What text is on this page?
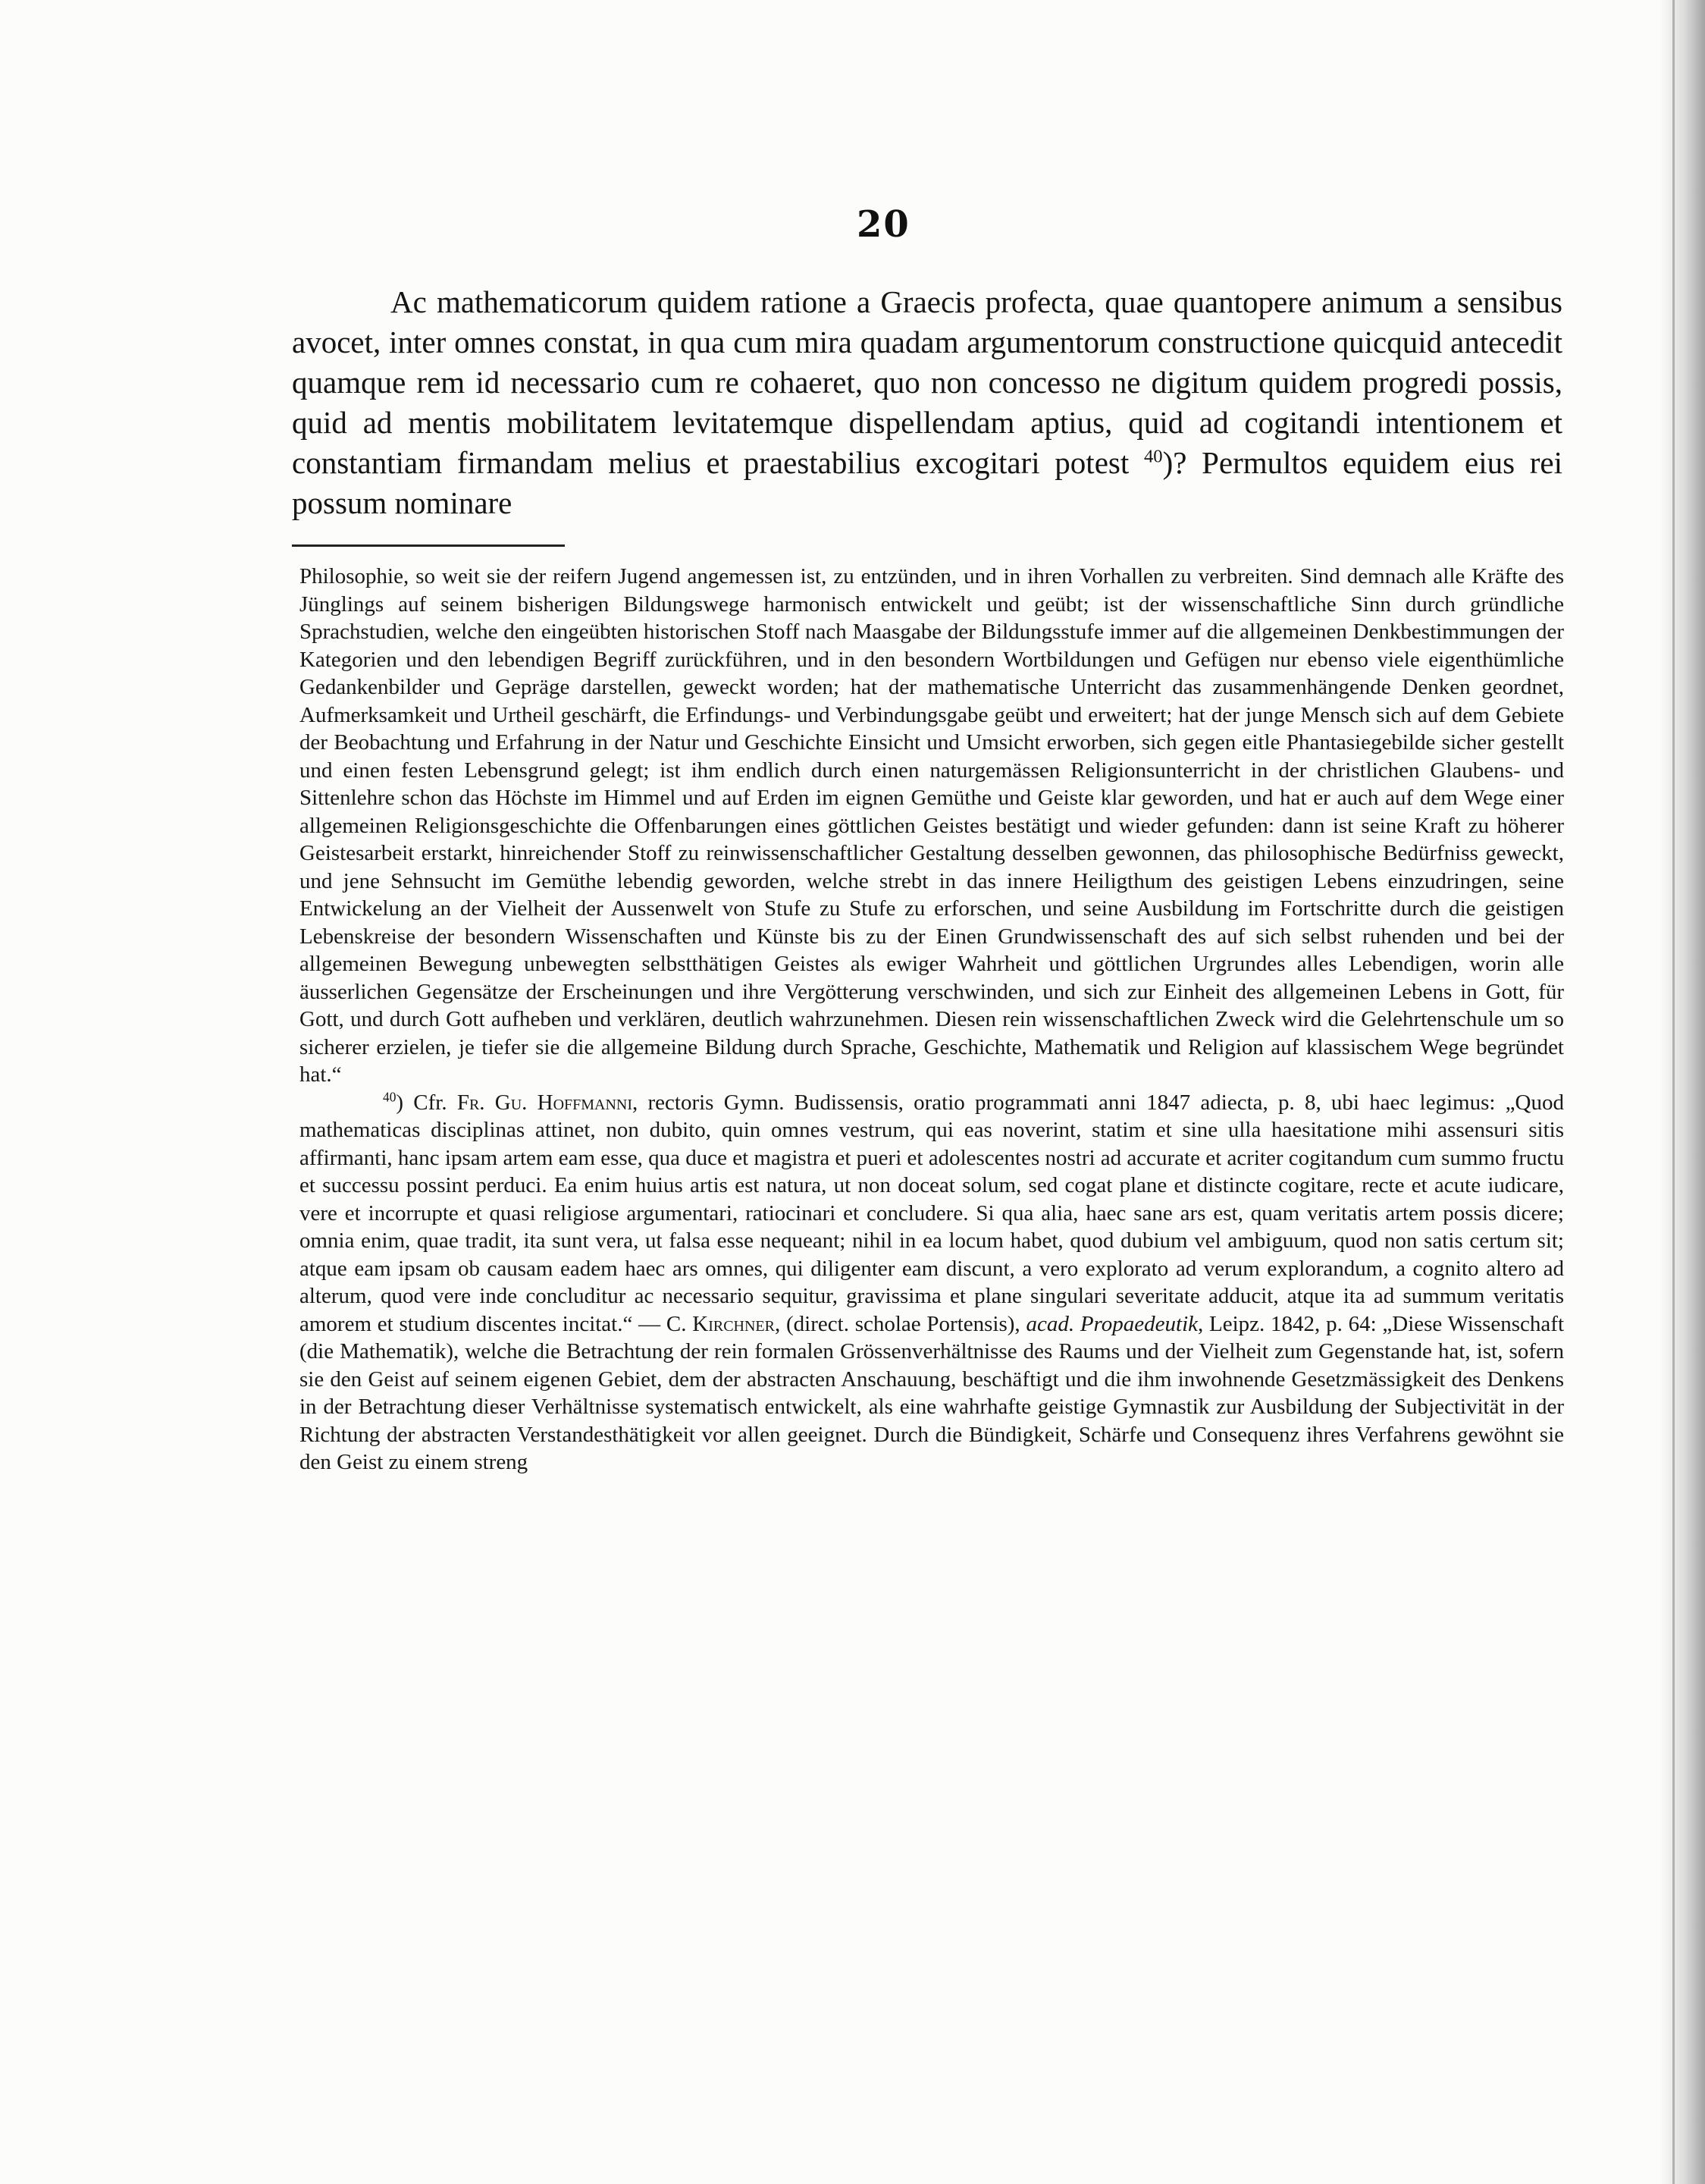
20

Ac mathematicorum quidem ratione a Graecis profecta, quae quantopere animum a sensibus avocet, inter omnes constat, in qua cum mira quadam argumentorum constructione quicquid antecedit quamque rem id necessario cum re cohaeret, quo non concesso ne digitum quidem progredi possis, quid ad mentis mobilitatem levitatemque dispellendam aptius, quid ad cogitandi intentionem et constantiam firmandam melius et praestabilius excogitari potest $^{40}$)? Permultos equidem eius rei possum nominare

Philosophie, so weit sie der reifern Jugend angemessen ist, zu entzünden, und in ihren Vorhallen zu verbreiten. Sind demnach alle Kräfte des Jünglings auf seinem bisherigen Bildungswege harmonisch entwickelt und geübt; ist der wissenschaftliche Sinn durch gründliche Sprachstudien, welche den eingeübten historischen Stoff nach Maasgabe der Bildungsstufe immer auf die allgemeinen Denkbestimmungen der Kategorien und den lebendigen Begriff zurückführen, und in den besondern Wortbildungen und Gefügen nur ebenso viele eigenthümliche Gedankenbilder und Gepräge darstellen, geweckt worden; hat der mathematische Unterricht das zusammenhängende Denken geordnet, Aufmerksamkeit und Urtheil geschärft, die Erfindungs- und Verbindungsgabe geübt und erweitert; hat der junge Mensch sich auf dem Gebiete der Beobachtung und Erfahrung in der Natur und Geschichte Einsicht und Umsicht erworben, sich gegen eitle Phantasiegebilde sicher gestellt und einen festen Lebensgrund gelegt; ist ihm endlich durch einen naturgemässen Religionsunterricht in der christlichen Glaubens- und Sittenlehre schon das Höchste im Himmel und auf Erden im eignen Gemüthe und Geiste klar geworden, und hat er auch auf dem Wege einer allgemeinen Religionsgeschichte die Offenbarungen eines göttlichen Geistes bestätigt und wieder gefunden: dann ist seine Kraft zu höherer Geistesarbeit erstarkt, hinreichender Stoff zu reinwissenschaftlicher Gestaltung desselben gewonnen, das philosophische Bedürfniss geweckt, und jene Sehnsucht im Gemüthe lebendig geworden, welche strebt in das innere Heiligthum des geistigen Lebens einzudringen, seine Entwickelung an der Vielheit der Aussenwelt von Stufe zu Stufe zu erforschen, und seine Ausbildung im Fortschritte durch die geistigen Lebenskreise der besondern Wissenschaften und Künste bis zu der Einen Grundwissenschaft des auf sich selbst ruhenden und bei der allgemeinen Bewegung unbewegten selbstthätigen Geistes als ewiger Wahrheit und göttlichen Urgrundes alles Lebendigen, worin alle äusserlichen Gegensätze der Erscheinungen und ihre Vergötterung verschwinden, und sich zur Einheit des allgemeinen Lebens in Gott, für Gott, und durch Gott aufheben und verklären, deutlich wahrzunehmen. Diesen rein wissenschaftlichen Zweck wird die Gelehrtenschule um so sicherer erzielen, je tiefer sie die allgemeine Bildung durch Sprache, Geschichte, Mathematik und Religion auf klassischem Wege begründet hat.“

$^{40}$) Cfr. Fr. Gu. Hoffmanni, rectoris Gymn. Budissensis, oratio programmati anni 1847 adiecta, p. 8, ubi haec legimus: „Quod mathematicas disciplinas attinet, non dubito, quin omnes vestrum, qui eas noverint, statim et sine ulla haesitatione mihi assensuri sitis affirmanti, hanc ipsam artem eam esse, qua duce et magistra et pueri et adolescentes nostri ad accurate et acriter cogitandum cum summo fructu et successu possint perduci. Ea enim huius artis est natura, ut non doceat solum, sed cogat plane et distincte cogitare, recte et acute iudicare, vere et incorrupte et quasi religiose argumentari, ratiocinari et concludere. Si qua alia, haec sane ars est, quam veritatis artem possis dicere; omnia enim, quae tradit, ita sunt vera, ut falsa esse nequeant; nihil in ea locum habet, quod dubium vel ambiguum, quod non satis certum sit; atque eam ipsam ob causam eadem haec ars omnes, qui diligenter eam discunt, a vero explorato ad verum explorandum, a cognito altero ad alterum, quod vere inde concluditur ac necessario sequitur, gravissima et plane singulari severitate adducit, atque ita ad summum veritatis amorem et studium discentes incitat.“ — C. Kirchner, (direct. scholae Portensis), acad. Propaedeutik, Leipz. 1842, p. 64: „Diese Wissenschaft (die Mathematik), welche die Betrachtung der rein formalen Grössenverhältnisse des Raums und der Vielheit zum Gegenstande hat, ist, sofern sie den Geist auf seinem eigenen Gebiet, dem der abstracten Anschauung, beschäftigt und die ihm inwohnende Gesetzmässigkeit des Denkens in der Betrachtung dieser Verhältnisse systematisch entwickelt, als eine wahrhafte geistige Gymnastik zur Ausbildung der Subjectivität in der Richtung der abstracten Verstandesthätigkeit vor allen geeignet. Durch die Bündigkeit, Schärfe und Consequenz ihres Verfahrens gewöhnt sie den Geist zu einem streng
